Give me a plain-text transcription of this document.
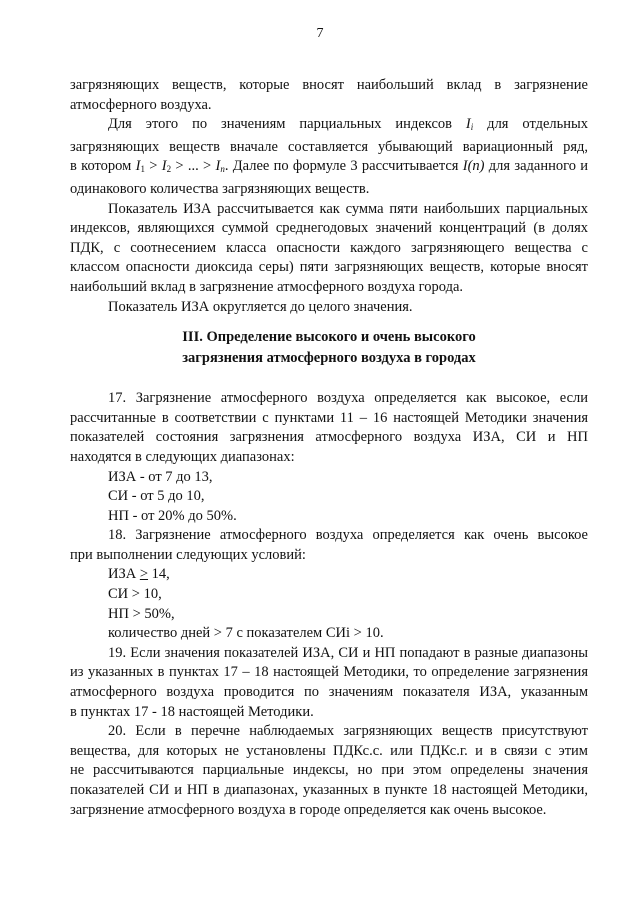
7

загрязняющих веществ, которые вносят наибольший вклад в загрязнение

атмосферного воздуха.

Для этого по значениям парциальных индексов $I_i$ для отдельных

загрязняющих веществ вначале составляется убывающий вариационный ряд,

в котором $I_1 > I_2$ > ... > $I_n$. Далее по формуле 3 рассчитывается I(n) для заданного и

одинакового количества загрязняющих веществ.

Показатель ИЗА рассчитывается как сумма пяти наибольших парциальных

индексов, являющихся суммой среднегодовых значений концентраций (в долях

ПДК, с соотнесением класса опасности каждого загрязняющего вещества с

классом опасности диоксида серы) пяти загрязняющих веществ, которые вносят

наибольший вклад в загрязнение атмосферного воздуха города.

Показатель ИЗА округляется до целого значения.

III. Определение высокого и очень высокого

загрязнения атмосферного воздуха в городах

17. Загрязнение атмосферного воздуха определяется как высокое, если

рассчитанные в соответствии с пунктами 11 – 16 настоящей Методики значения

показателей состояния загрязнения атмосферного воздуха ИЗА, СИ и НП

находятся в следующих диапазонах:

ИЗА - от 7 до 13,

СИ - от 5 до 10,

НП - от 20% до 50%.

18. Загрязнение атмосферного воздуха определяется как очень высокое

при выполнении следующих условий:

ИЗА > 14,

СИ > 10,

НП > 50%,

количество дней > 7 с показателем СИi > 10.

19. Если значения показателей ИЗА, СИ и НП попадают в разные диапазоны

из указанных в пунктах 17 – 18 настоящей Методики, то определение загрязнения

атмосферного воздуха проводится по значениям показателя ИЗА, указанным

в пунктах 17 - 18 настоящей Методики.

20. Если в перечне наблюдаемых загрязняющих веществ присутствуют

вещества, для которых не установлены ПДКс.с. или ПДКс.г. и в связи с этим

не рассчитываются парциальные индексы, но при этом определены значения

показателей СИ и НП в диапазонах, указанных в пункте 18 настоящей Методики,

загрязнение атмосферного воздуха в городе определяется как очень высокое.
